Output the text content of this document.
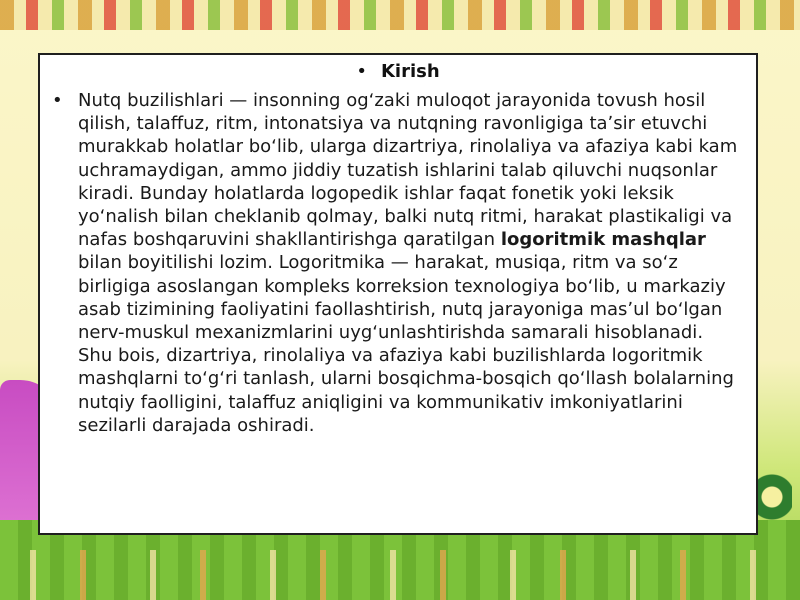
• Kirish
• Nutq buzilishlari — insonning ogʻzaki muloqot jarayonida tovush hosil qilish, talaffuz, ritm, intonatsiya va nutqning ravonligiga taʼsir etuvchi murakkab holatlar boʻlib, ularga dizartriya, rinolaliya va afaziya kabi kam uchramaydigan, ammo jiddiy tuzatish ishlarini talab qiluvchi nuqsonlar kiradi. Bunday holatlarda logopedik ishlar faqat fonetik yoki leksik yoʻnalish bilan cheklanib qolmay, balki nutq ritmi, harakat plastikaligi va nafas boshqaruvini shakllantirishga qaratilgan logoritmik mashqlar bilan boyitilishi lozim. Logoritmika — harakat, musiqa, ritm va soʻz birligiga asoslangan kompleks korreksion texnologiya boʻlib, u markaziy asab tizimining faoliyatini faollashtirish, nutq jarayoniga masʼul boʻlgan nerv-muskul mexanizmlarini uygʻunlashtirishda samarali hisoblanadi. Shu bois, dizartriya, rinolaliya va afaziya kabi buzilishlarda logoritmik mashqlarni toʻgʻri tanlash, ularni bosqichma-bosqich qoʻllash bolalarning nutqiy faolligini, talaffuz aniqligini va kommunikativ imkoniyatlarini sezilarli darajada oshiradi.
